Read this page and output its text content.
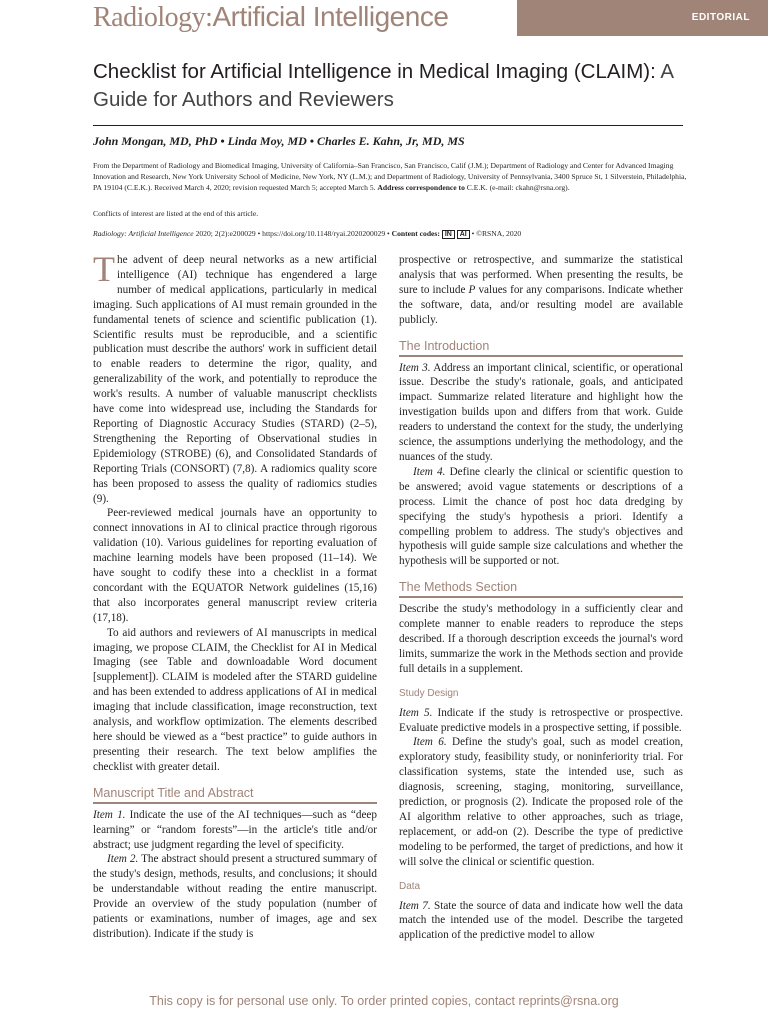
Radiology:Artificial Intelligence	EDITORIAL
Checklist for Artificial Intelligence in Medical Imaging (CLAIM): A Guide for Authors and Reviewers
John Mongan, MD, PhD • Linda Moy, MD • Charles E. Kahn, Jr, MD, MS
From the Department of Radiology and Biomedical Imaging, University of California–San Francisco, San Francisco, Calif (J.M.); Department of Radiology and Center for Advanced Imaging Innovation and Research, New York University School of Medicine, New York, NY (L.M.); and Department of Radiology, University of Pennsylvania, 3400 Spruce St, 1 Silverstein, Philadelphia, PA 19104 (C.E.K.). Received March 4, 2020; revision requested March 5; accepted March 5. Address correspondence to C.E.K. (e-mail: ckahn@rsna.org).
Conflicts of interest are listed at the end of this article.
Radiology: Artificial Intelligence 2020; 2(2):e200029 • https://doi.org/10.1148/ryai.2020200029 • Content codes: IN AI • ©RSNA, 2020

The advent of deep neural networks as a new artificial intelligence (AI) technique has engendered a large number of medical applications, particularly in medical imaging. Such applications of AI must remain grounded in the fundamental tenets of science and scientific publication (1). Scientific results must be reproducible, and a scientific publication must describe the authors' work in sufficient detail to enable readers to determine the rigor, quality, and generalizability of the work, and potentially to reproduce the work's results. A number of valuable manuscript checklists have come into widespread use, including the Standards for Reporting of Diagnostic Accuracy Studies (STARD) (2–5), Strengthening the Reporting of Observational studies in Epidemiology (STROBE) (6), and Consolidated Standards of Reporting Trials (CONSORT) (7,8). A radiomics quality score has been proposed to assess the quality of radiomics studies (9).

Peer-reviewed medical journals have an opportunity to connect innovations in AI to clinical practice through rigorous validation (10). Various guidelines for reporting evaluation of machine learning models have been proposed (11–14). We have sought to codify these into a checklist in a format concordant with the EQUATOR Network guidelines (15,16) that also incorporates general manuscript review criteria (17,18).

To aid authors and reviewers of AI manuscripts in medical imaging, we propose CLAIM, the Checklist for AI in Medical Imaging (see Table and downloadable Word document [supplement]). CLAIM is modeled after the STARD guideline and has been extended to address applications of AI in medical imaging that include classification, image reconstruction, text analysis, and workflow optimization. The elements described here should be viewed as a “best practice” to guide authors in presenting their research. The text below amplifies the checklist with greater detail.

Manuscript Title and Abstract

Item 1. Indicate the use of the AI techniques—such as “deep learning” or “random forests”—in the article's title and/or abstract; use judgment regarding the level of specificity.

Item 2. The abstract should present a structured summary of the study's design, methods, results, and conclusions; it should be understandable without reading the entire manuscript. Provide an overview of the study population (number of patients or examinations, number of images, age and sex distribution). Indicate if the study is

prospective or retrospective, and summarize the statistical analysis that was performed. When presenting the results, be sure to include P values for any comparisons. Indicate whether the software, data, and/or resulting model are available publicly.

The Introduction

Item 3. Address an important clinical, scientific, or operational issue. Describe the study's rationale, goals, and anticipated impact. Summarize related literature and highlight how the investigation builds upon and differs from that work. Guide readers to understand the context for the study, the underlying science, the assumptions underlying the methodology, and the nuances of the study.

Item 4. Define clearly the clinical or scientific question to be answered; avoid vague statements or descriptions of a process. Limit the chance of post hoc data dredging by specifying the study's hypothesis a priori. Identify a compelling problem to address. The study's objectives and hypothesis will guide sample size calculations and whether the hypothesis will be supported or not.

The Methods Section

Describe the study's methodology in a sufficiently clear and complete manner to enable readers to reproduce the steps described. If a thorough description exceeds the journal's word limits, summarize the work in the Methods section and provide full details in a supplement.

Study Design

Item 5. Indicate if the study is retrospective or prospective. Evaluate predictive models in a prospective setting, if possible.

Item 6. Define the study's goal, such as model creation, exploratory study, feasibility study, or noninferiority trial. For classification systems, state the intended use, such as diagnosis, screening, staging, monitoring, surveillance, prediction, or prognosis (2). Indicate the proposed role of the AI algorithm relative to other approaches, such as triage, replacement, or add-on (2). Describe the type of predictive modeling to be performed, the target of predictions, and how it will solve the clinical or scientific question.

Data

Item 7. State the source of data and indicate how well the data match the intended use of the model. Describe the targeted application of the predictive model to allow

This copy is for personal use only. To order printed copies, contact reprints@rsna.org
